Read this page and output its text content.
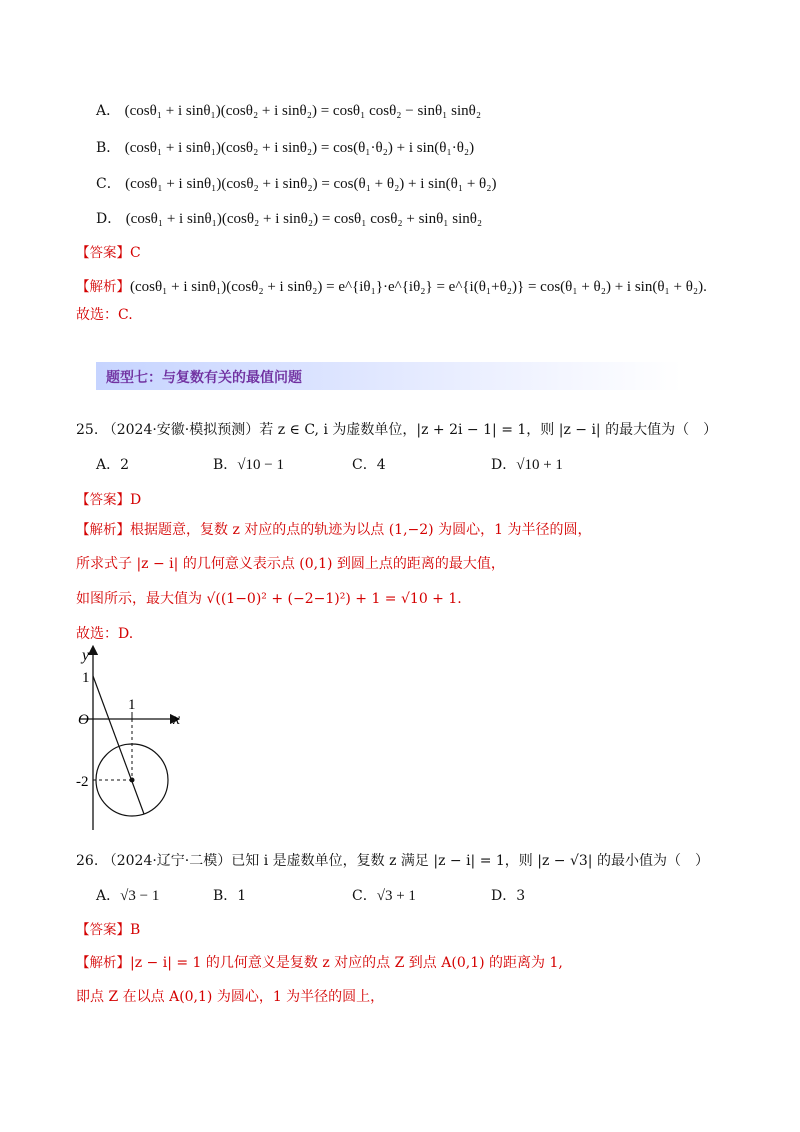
A． (cosθ₁ + i sinθ₁)(cosθ₂ + i sinθ₂) = cosθ₁ cosθ₂ − sinθ₁ sinθ₂
B． (cosθ₁ + i sinθ₁)(cosθ₂ + i sinθ₂) = cos(θ₁·θ₂) + i sin(θ₁·θ₂)
C． (cosθ₁ + i sinθ₁)(cosθ₂ + i sinθ₂) = cos(θ₁ + θ₂) + i sin(θ₁ + θ₂)
D． (cosθ₁ + i sinθ₁)(cosθ₂ + i sinθ₂) = cosθ₁ cosθ₂ + sinθ₁ sinθ₂
【答案】C
【解析】(cosθ₁ + i sinθ₁)(cosθ₂ + i sinθ₂) = e^{iθ₁}·e^{iθ₂} = e^{i(θ₁+θ₂)} = cos(θ₁ + θ₂) + i sin(θ₁ + θ₂).
故选：C.
题型七：与复数有关的最值问题
25. （2024·安徽·模拟预测）若 z ∈ C, i 为虚数单位，|z + 2i − 1| = 1，则 |z − i| 的最大值为（　）
A．2	B．√10 − 1	C．4	D．√10 + 1
【答案】D
【解析】根据题意，复数 z 对应的点的轨迹为以点 (1,−2) 为圆心，1 为半径的圆，
所求式子 |z − i| 的几何意义表示点 (0,1) 到圆上点的距离的最大值，
如图所示，最大值为 √((1−0)² + (−2−1)²) + 1 = √10 + 1.
故选：D.
y
x
O
1
1
-2
26. （2024·辽宁·二模）已知 i 是虚数单位，复数 z 满足 |z − i| = 1，则 |z − √3| 的最小值为（　）
A．√3 − 1	B．1	C．√3 + 1	D．3
【答案】B
【解析】|z − i| = 1 的几何意义是复数 z 对应的点 Z 到点 A(0,1) 的距离为 1,
即点 Z 在以点 A(0,1) 为圆心，1 为半径的圆上，
